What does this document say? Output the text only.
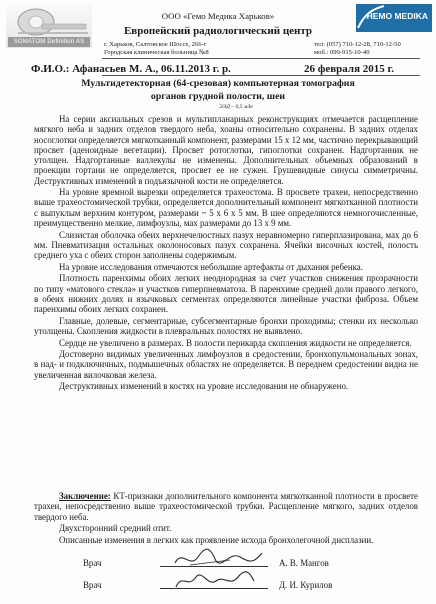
SOMATOM Definition AS
ООО «Гемо Медика Харьков»
Европейский радиологический центр
HEMO MEDIKA
г. Харьков, Салтовское Шоссе, 266-г
Городская клиническая больница №8
тел: (057) 710-12-28, 710-12-50
моб.: 099-915-10-40
Ф.И.О.: Афанасьев М. А., 06.11.2013 г. р.	26 февраля 2015 г.
Мультидетекторная (64-срезовая) компьютерная томография
органов грудной полости, шеи
ЭЭД – 0,5 мЗв

На серии аксиальных срезов и мультипланарных реконструкциях отмечается расщепление мягкого неба и задних отделов твердого неба, хоаны относительно сохранены. В задних отделах носоглотки определяется мягкотканный компонент, размерами 15 х 12 мм, частично перекрывающий просвет (аденоидные вегетации). Просвет ротоглотки, гипоглотки сохранен. Надгортанник не утолщен. Надгортанные валлекулы не изменены. Дополнительных объемных образований в проекции гортани не определяется, просвет ее не сужен. Грушевидные синусы симметричны. Деструктивных изменений в подъязычной кости не определяется.

На уровне яремной вырезки определяется трахеостома. В просвете трахеи, непосредственно выше трахеостомической трубки, определяется дополнительный компонент мягкотканной плотности с выпуклым верхним контуром, размерами ~ 5 х 6 х 5 мм. В шее определяются немногочисленные, преимущественно мелкие, лимфоузлы, мах размерами до 13 х 9 мм.

Слизистая оболочка обеих верхнечелюстных пазух неравномерно гиперплазирована, мах до 6 мм. Пневматизация остальных околоносовых пазух сохранена. Ячейки височных костей, полость среднего уха с обеих сторон заполнены содержимым.

На уровне исследования отмечаются небольшие артефакты от дыхания ребенка.

Плотность паренхимы обоих легких неоднородная за счет участков снижения прозрачности по типу «матового стекла» и участков гиперпневматоза. В паренхиме средней доли правого легкого, в обеих нижних долях и язычковых сегментах определяются линейные участки фиброза. Объем паренхимы обоих легких сохранен.

Главные, долевые, сегментарные, субсегментарные бронхи проходимы; стенки их несколько утолщены. Скопления жидкости в плевральных полостях не выявлено.

Сердце не увеличено в размерах. В полости перикарда скопления жидкости не определяется.

Достоверно видимых увеличенных лимфоузлов в средостении, бронхопульмональных зонах, в над- и подключичных, подмышечных областях не определяется. В переднем средостении видна не увеличенная вилочковая железа.

Деструктивных изменений в костях на уровне исследования не обнаружено.

Заключение: КТ-признаки дополнительного компонента мягкотканной плотности в просвете трахеи, непосредственно выше трахеостомической трубки. Расщепление мягкого, задних отделов твердого неба.

Двухсторонний средний отит.

Описанные изменения в легких как проявление исхода бронхолегочной дисплазии.

Врач	А. В. Мангов
Врач	Д. И. Курилов
